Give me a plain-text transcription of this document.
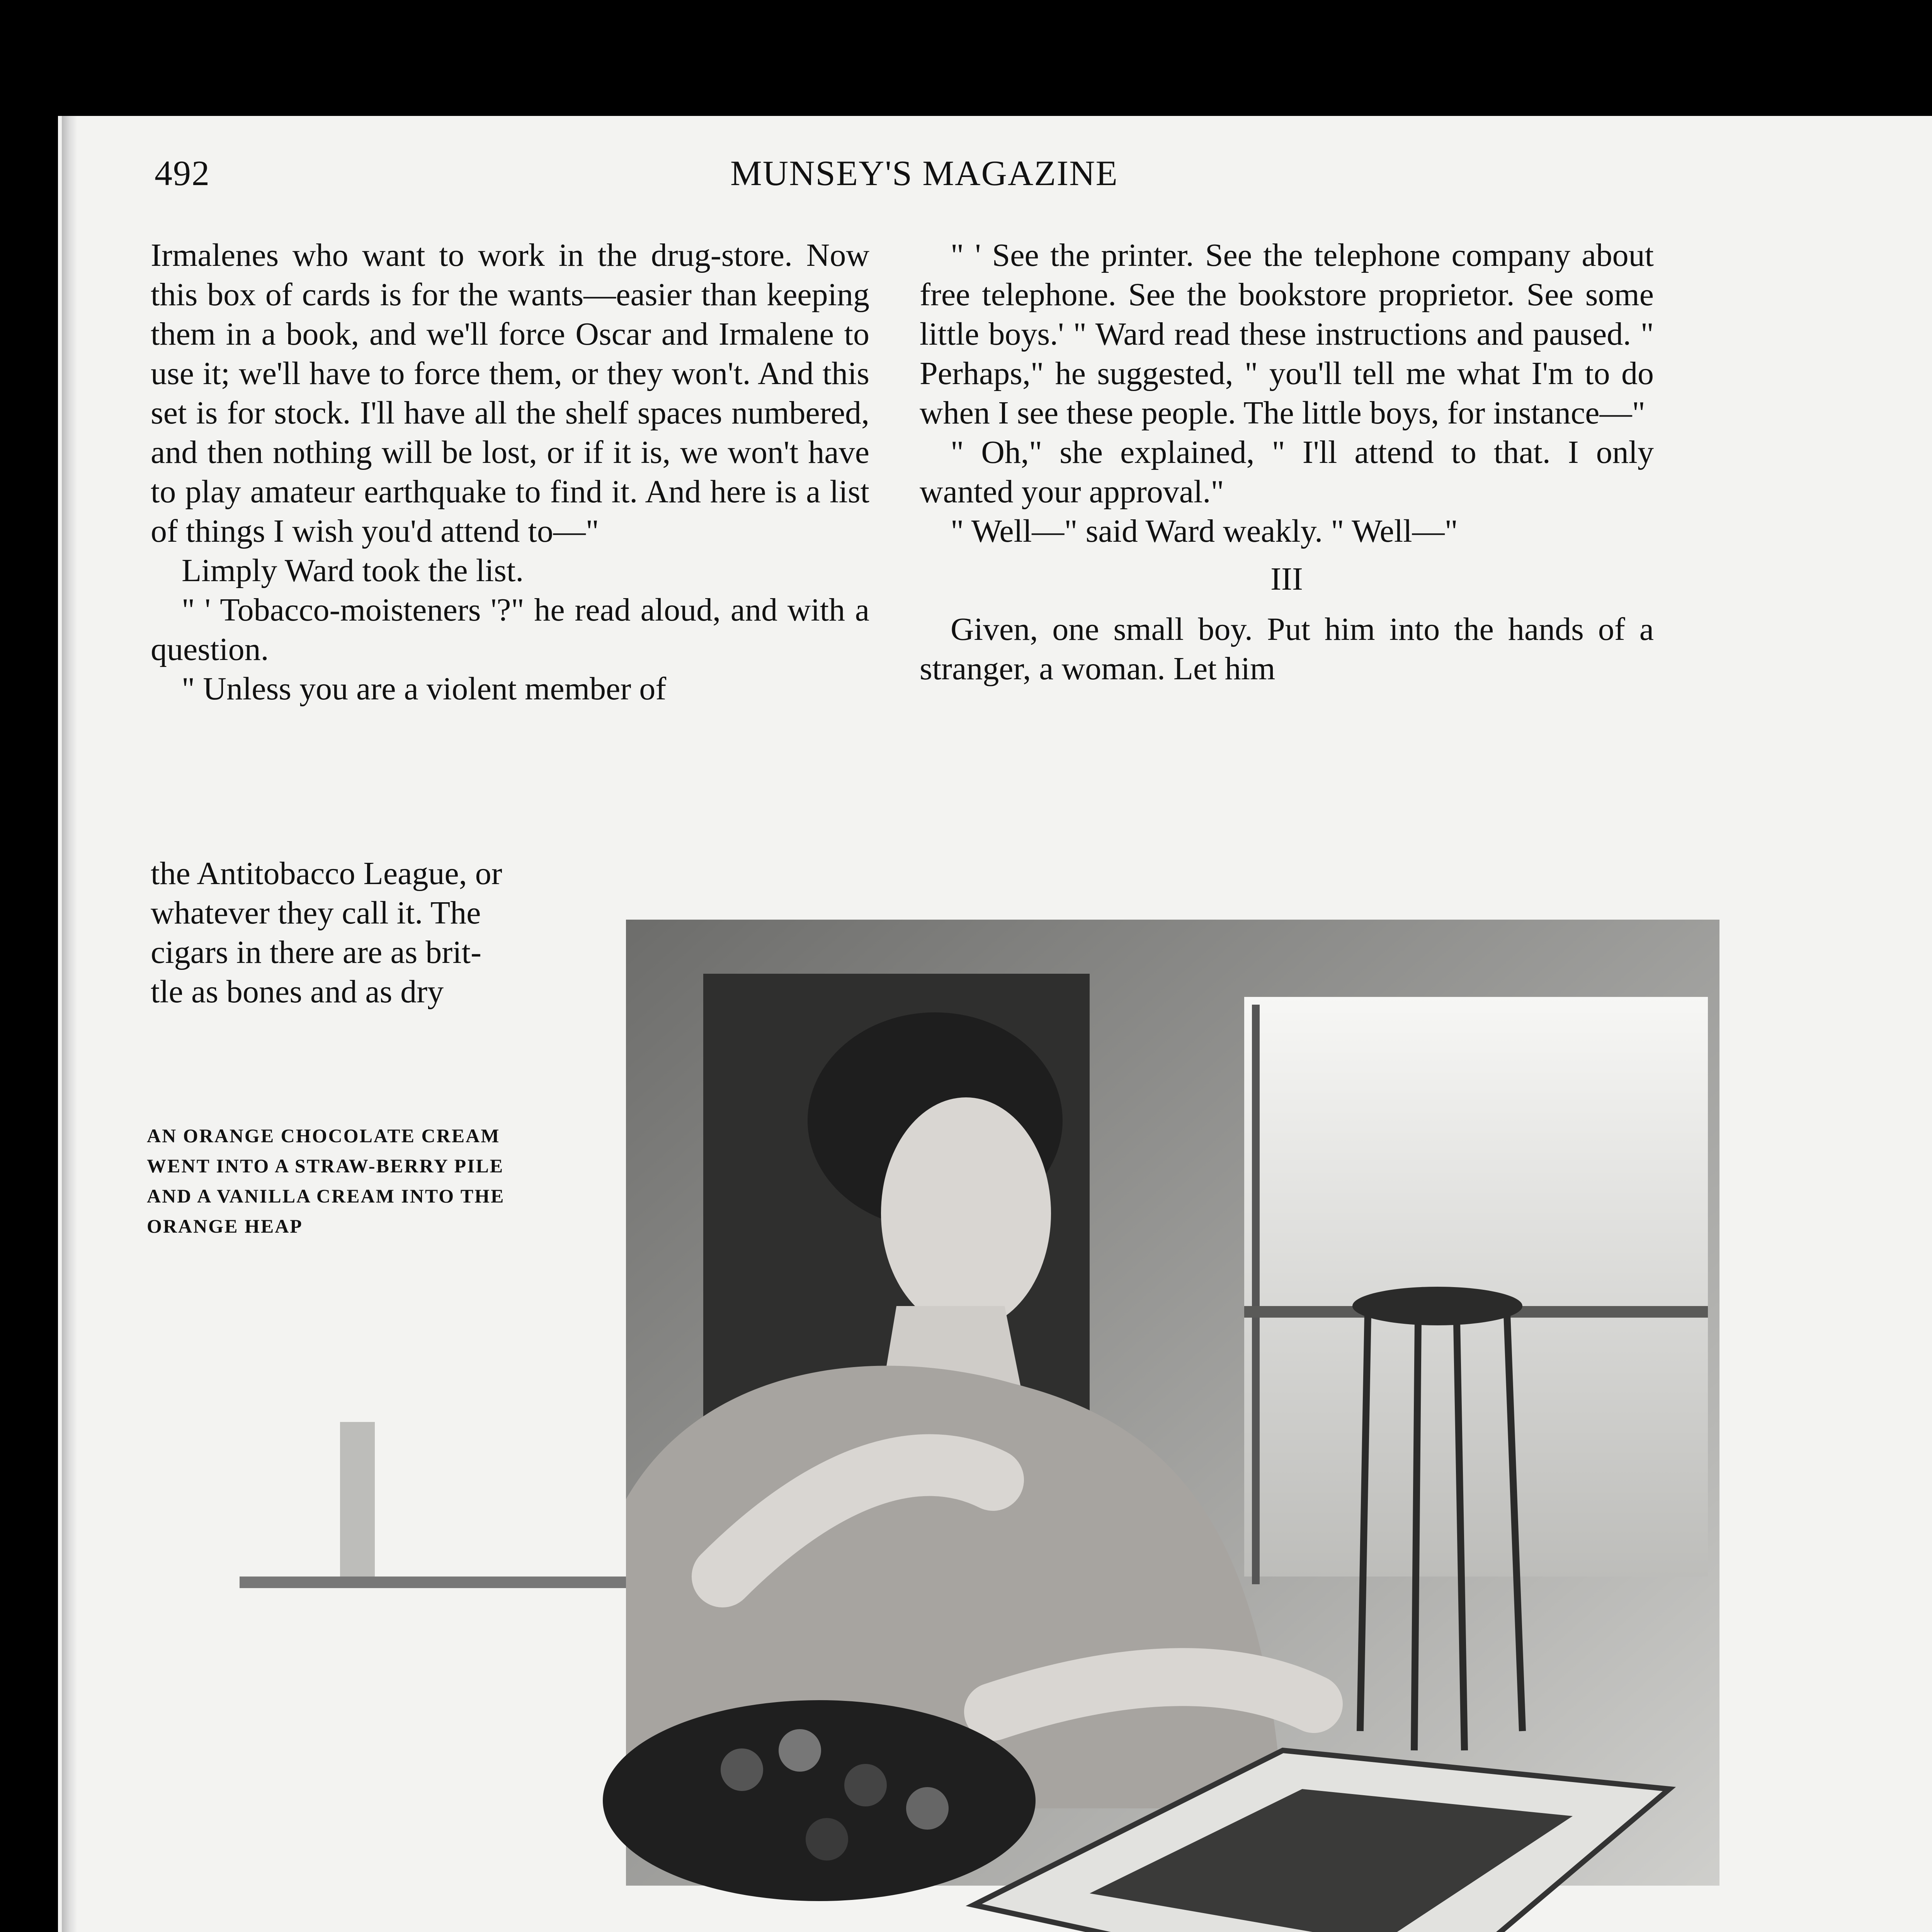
492	MUNSEY'S MAGAZINE

Irmalenes who want to work in the drug-store. Now this box of cards is for the wants—easier than keeping them in a book, and we'll force Oscar and Irmalene to use it; we'll have to force them, or they won't. And this set is for stock. I'll have all the shelf spaces numbered, and then nothing will be lost, or if it is, we won't have to play amateur earthquake to find it. And here is a list of things I wish you'd attend to—"

Limply Ward took the list.

" ' Tobacco-moisteners '?" he read aloud, and with a question.

" Unless you are a violent member of

the Antitobacco League, or
whatever they call it. The
cigars in there are as brit-
tle as bones and as dry
AN ORANGE CHOCOLATE CREAM WENT INTO A STRAW-BERRY PILE AND A VANILLA CREAM INTO THE ORANGE HEAP

" ' See the printer. See the telephone company about free telephone. See the bookstore proprietor. See some little boys.' " Ward read these instructions and paused. " Perhaps," he suggested, " you'll tell me what I'm to do when I see these people. The little boys, for instance—"

" Oh," she explained, " I'll attend to that. I only wanted your approval."

" Well—" said Ward weakly. " Well—"

III

Given, one small boy. Put him into the hands of a stranger, a woman. Let him
